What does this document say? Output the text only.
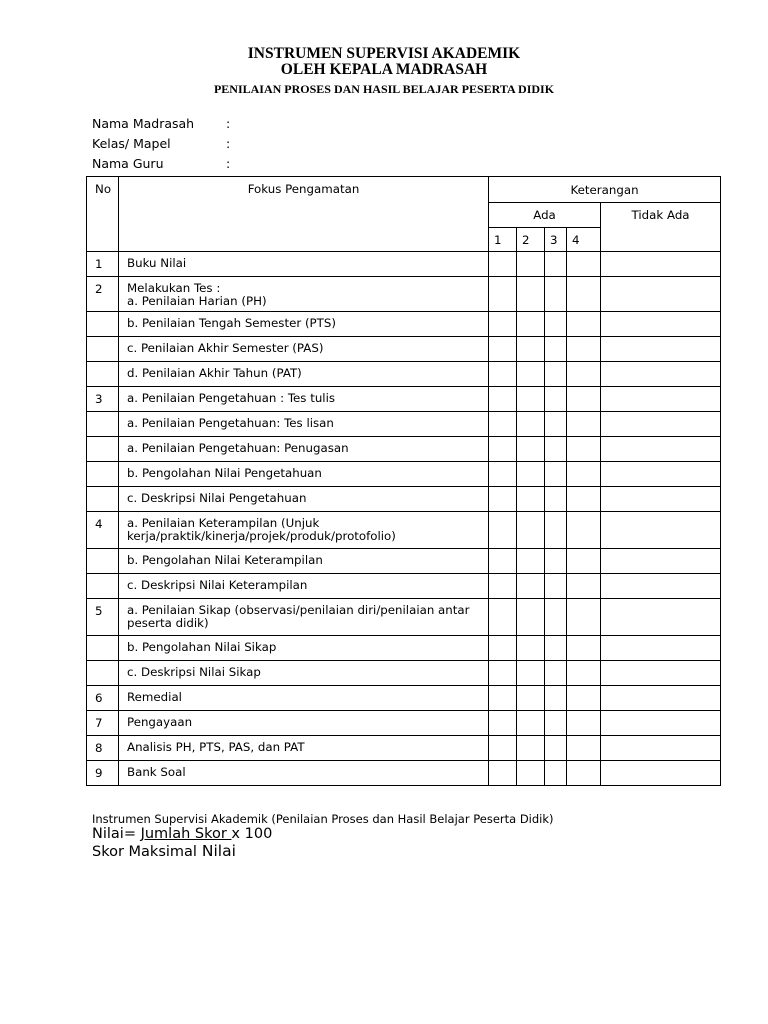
INSTRUMEN SUPERVISI AKADEMIK
OLEH KEPALA MADRASAH
PENILAIAN PROSES DAN HASIL BELAJAR PESERTA DIDIK
Nama Madrasah	:
Kelas/ Mapel	:
Nama Guru	:
No	Fokus Pengamatan	Keterangan				
		Ada				Tidak Ada
		1	2	3	4	
1	Buku Nilai					

2	Melakukan Tes :
a. Penilaian Harian (PH)					

	b. Penilaian Tengah Semester (PTS)					

	c. Penilaian Akhir Semester (PAS)					

	d. Penilaian Akhir Tahun (PAT)					

3	a. Penilaian Pengetahuan : Tes tulis					

	a. Penilaian Pengetahuan: Tes lisan					

	a. Penilaian Pengetahuan: Penugasan					

	b. Pengolahan Nilai Pengetahuan					

	c. Deskripsi Nilai Pengetahuan					

4	a. Penilaian Keterampilan (Unjuk
kerja/praktik/kinerja/projek/produk/protofolio)					

	b. Pengolahan Nilai Keterampilan					

	c. Deskripsi Nilai Keterampilan					

5	a. Penilaian Sikap (observasi/penilaian diri/penilaian antar
peserta didik)					

	b. Pengolahan Nilai Sikap					

	c. Deskripsi Nilai Sikap					

6	Remedial					

7	Pengayaan					

8	Analisis PH, PTS, PAS, dan PAT					

9	Bank Soal					

Instrumen Supervisi Akademik (Penilaian Proses dan Hasil Belajar Peserta Didik)
Nilai= Jumlah Skor x 100
Skor Maksimal Nilai
